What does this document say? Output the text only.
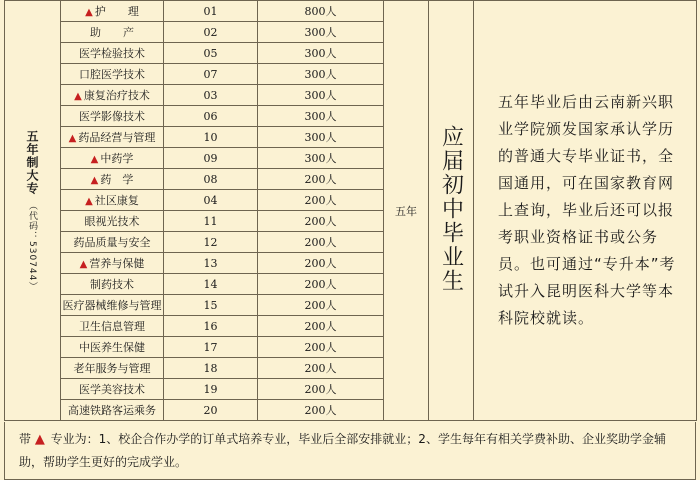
五年制大专
（代码：530744）	▲ 护　　理	01	800人	五年	应届初中毕业生	五年毕业后由云南新兴职业学院颁发国家承认学历的普通大专毕业证书，全国通用，可在国家教育网上查询，毕业后还可以报考职业资格证书或公务员。也可通过“专升本”考试升入昆明医科大学等本科院校就读。

	助　　产	02	300人			
	医学检验技术	05	300人			
	口腔医学技术	07	300人			
	▲ 康复治疗技术	03	300人			
	医学影像技术	06	300人			
	▲ 药品经营与管理	10	300人			
	▲ 中药学	09	300人			
	▲ 药　学	08	200人			
	▲ 社区康复	04	200人			
	眼视光技术	11	200人			
	药品质量与安全	12	200人			
	▲ 营养与保健	13	200人			
	制药技术	14	200人			
	医疗器械维修与管理	15	200人			
	卫生信息管理	16	200人			
	中医养生保健	17	200人			
	老年服务与管理	18	200人			
	医学美容技术	19	200人			
	高速铁路客运乘务	20	200人			
带 ▲ 专业为：1、校企合作办学的订单式培养专业，毕业后全部安排就业；2、学生每年有相关学费补助、企业奖助学金辅助，帮助学生更好的完成学业。
